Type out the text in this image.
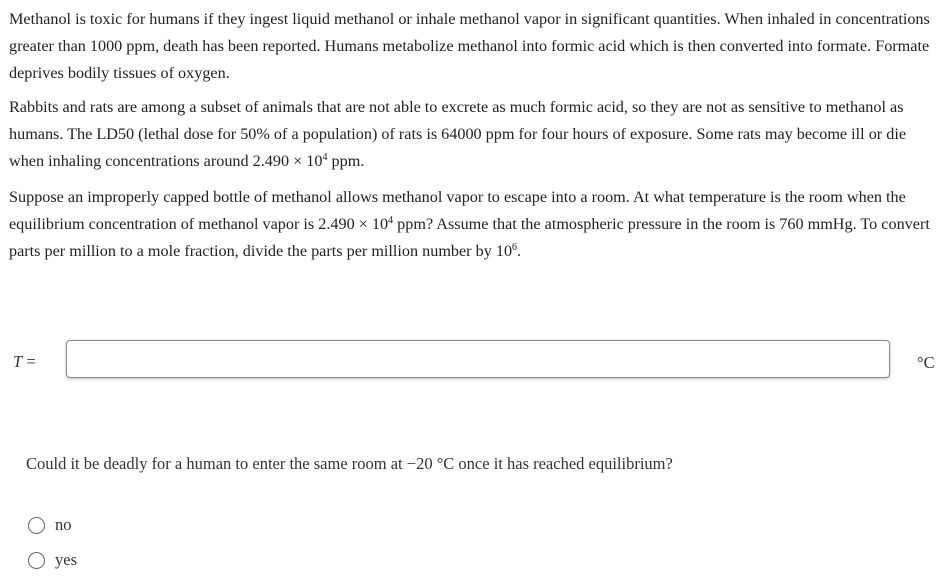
Methanol is toxic for humans if they ingest liquid methanol or inhale methanol vapor in significant quantities. When inhaled in concentrations greater than 1000 ppm, death has been reported. Humans metabolize methanol into formic acid which is then converted into formate. Formate deprives bodily tissues of oxygen.

Rabbits and rats are among a subset of animals that are not able to excrete as much formic acid, so they are not as sensitive to methanol as humans. The LD50 (lethal dose for 50% of a population) of rats is 64000 ppm for four hours of exposure. Some rats may become ill or die when inhaling concentrations around $2.490 \times 10^4$ ppm.

Suppose an improperly capped bottle of methanol allows methanol vapor to escape into a room. At what temperature is the room when the equilibrium concentration of methanol vapor is $2.490 \times 10^4$ ppm? Assume that the atmospheric pressure in the room is 760 mmHg. To convert parts per million to a mole fraction, divide the parts per million number by $10^6$.

T =	°C

Could it be deadly for a human to enter the same room at −20 °C once it has reached equilibrium?

no
yes
